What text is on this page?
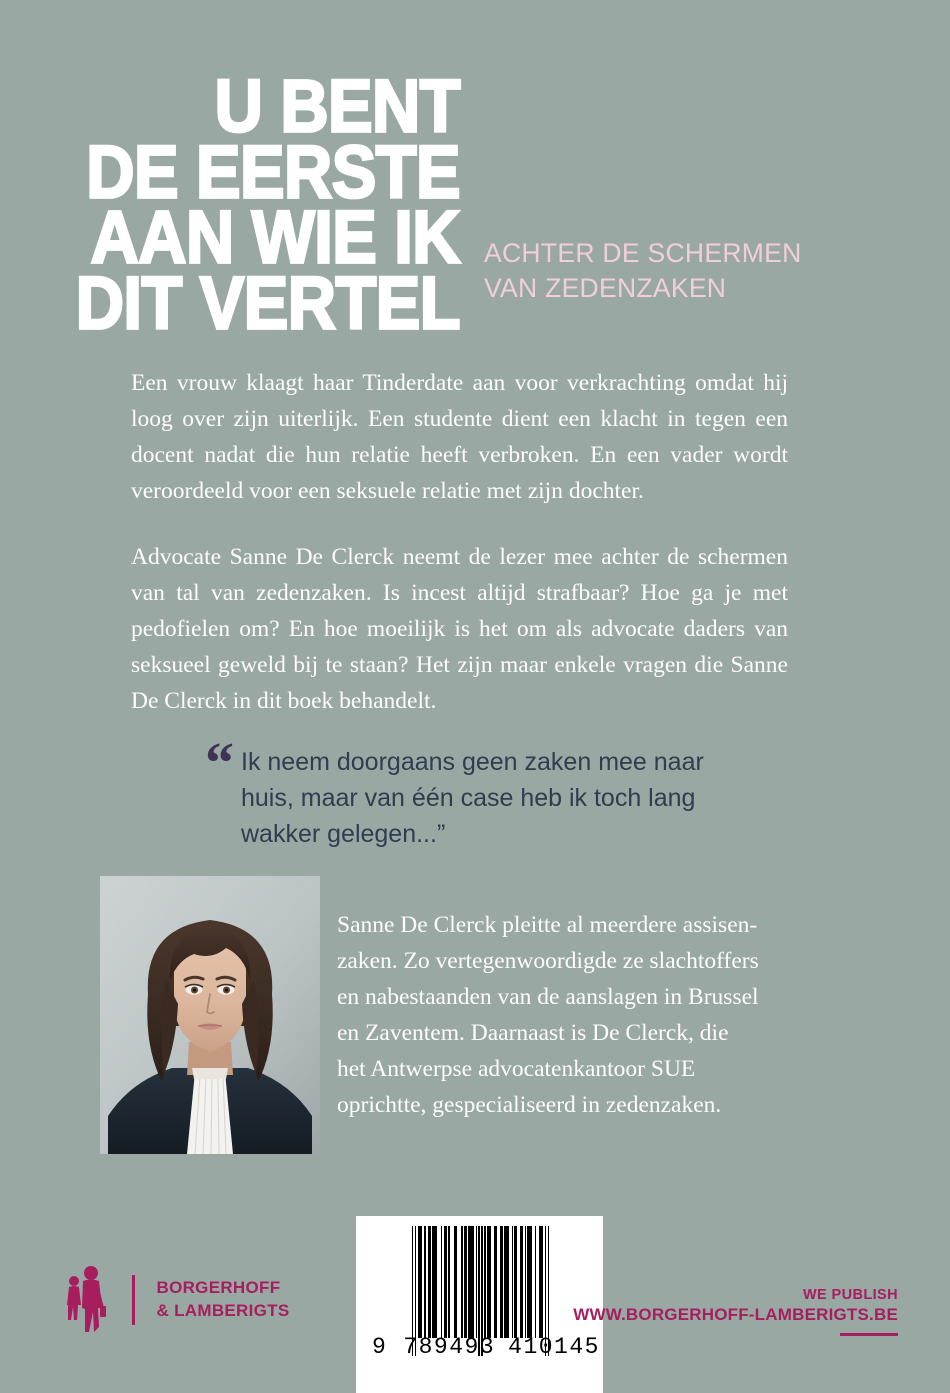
U BENT
DE EERSTE
AAN WIE IK
DIT VERTEL
ACHTER DE SCHERMEN
VAN ZEDENZAKEN

Een vrouw klaagt haar Tinderdate aan voor verkrachting omdat hij loog over zijn uiterlijk. Een studente dient een klacht in tegen een docent nadat die hun relatie heeft verbroken. En een vader wordt veroordeeld voor een seksuele relatie met zijn dochter.

Advocate Sanne De Clerck neemt de lezer mee achter de schermen van tal van zedenzaken. Is incest altijd strafbaar? Hoe ga je met pedofielen om? En hoe moeilijk is het om als advocate daders van seksueel geweld bij te staan? Het zijn maar enkele vragen die Sanne De Clerck in dit boek behandelt.

“ Ik neem doorgaans geen zaken mee naar huis, maar van één case heb ik toch lang wakker gelegen...”

Sanne De Clerck pleitte al meerdere assisen-zaken. Zo vertegenwoordigde ze slachtoffers en nabestaanden van de aanslagen in Brussel en Zaventem. Daarnaast is De Clerck, die het Antwerpse advocatenkantoor SUE oprichtte, gespecialiseerd in zedenzaken.

9 789493 410145
BORGERHOFF
& LAMBERIGTS
WE PUBLISH
WWW.BORGERHOFF-LAMBERIGTS.BE
